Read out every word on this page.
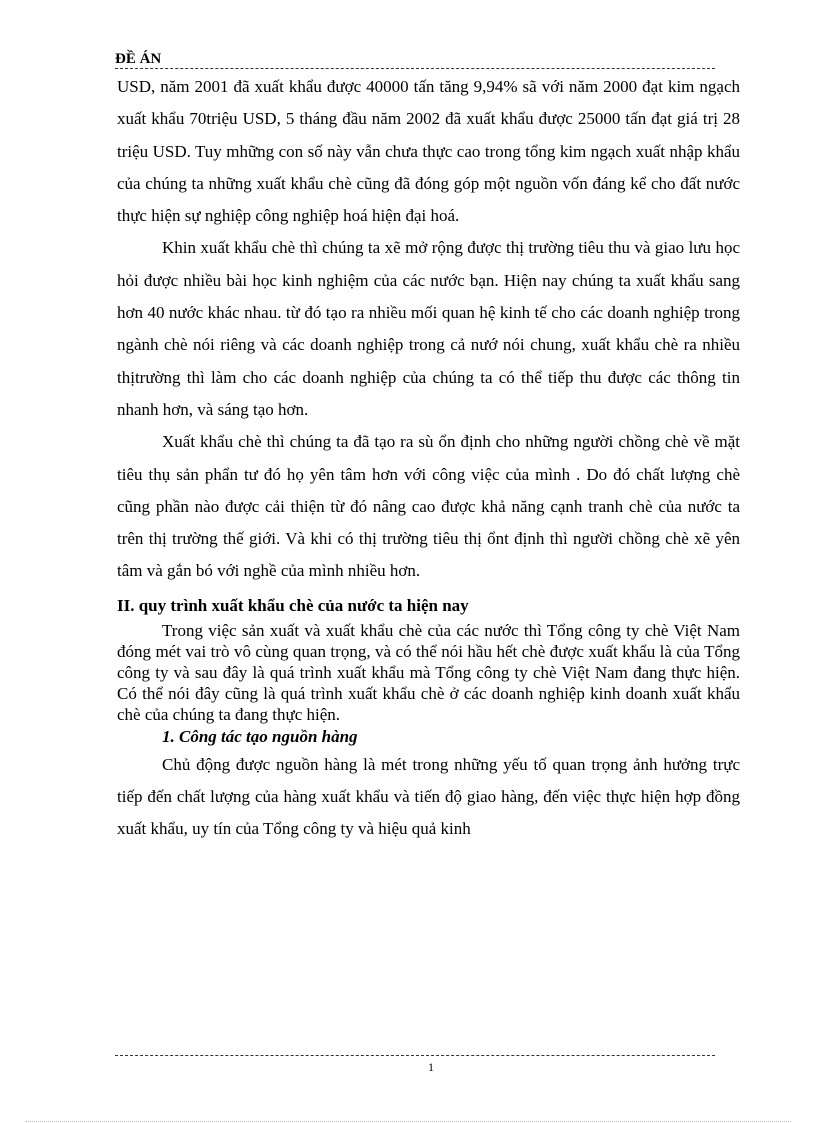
ĐỀ ÁN

USD, năm 2001 đã xuất khẩu được 40000 tấn tăng 9,94% sã với năm 2000 đạt kim ngạch xuất khẩu 70triệu USD, 5 tháng đầu năm 2002 đã xuất khẩu được 25000 tấn đạt giá trị 28 triệu USD. Tuy mhững con số này vẫn chưa thực cao trong tổng kim ngạch xuất nhập khẩu của chúng ta những xuất khẩu chè cũng đã đóng góp một nguồn vốn đáng kể cho đất nước thực hiện sự nghiệp công nghiệp hoá hiện đại hoá.

Khin xuất khẩu chè thì chúng ta xẽ mở rộng được thị trường tiêu thu và giao lưu học hỏi được nhiều bài học kinh nghiệm của các nước bạn. Hiện nay chúng ta xuất khẩu sang hơn 40 nước khác nhau. từ đó tạo ra nhiều mối quan hệ kinh tế cho các doanh nghiệp trong ngành chè nói riêng và các doanh nghiệp trong cả nướ nói chung, xuất khẩu chè ra nhiều thịtrường thì làm cho các doanh nghiệp của chúng ta có thể tiếp thu được các thông tin nhanh hơn, và sáng tạo hơn.

Xuất khẩu chè thì chúng ta đã tạo ra sù ổn định cho những người chồng chè về mặt tiêu thụ sản phẩn tư đó họ yên tâm hơn với công việc của mình . Do đó chất lượng chè cũng phần nào được cải thiện từ đó nâng cao được khả năng cạnh tranh chè của nước ta trên thị trường thế giới. Và khi có thị trường tiêu thị ổnt định thì người chồng chè xẽ yên tâm và gắn bó với nghề của mình nhiều hơn.

II. quy trình xuất khẩu chè của nước ta hiện nay

Trong việc sản xuất và xuất khẩu chè của các nước thì Tổng công ty chè Việt Nam đóng mét vai trò vô cùng quan trọng, và có thể nói hầu hết chè được xuất khẩu là của Tổng công ty và sau đây là quá trình xuất khẩu mà Tổng công ty chè Việt Nam đang thực hiện. Có thể nói đây cũng là quá trình xuất khẩu chè ở các doanh nghiệp kinh doanh xuất khẩu chè của chúng ta đang thực hiện.

1. Công tác tạo nguồn hàng

Chủ động được nguồn hàng là mét trong những yếu tố quan trọng ảnh hưởng trực tiếp đến chất lượng của hàng xuất khẩu và tiến độ giao hàng, đến việc thực hiện hợp đồng xuất khẩu, uy tín của Tổng công ty và hiệu quả kinh

1
